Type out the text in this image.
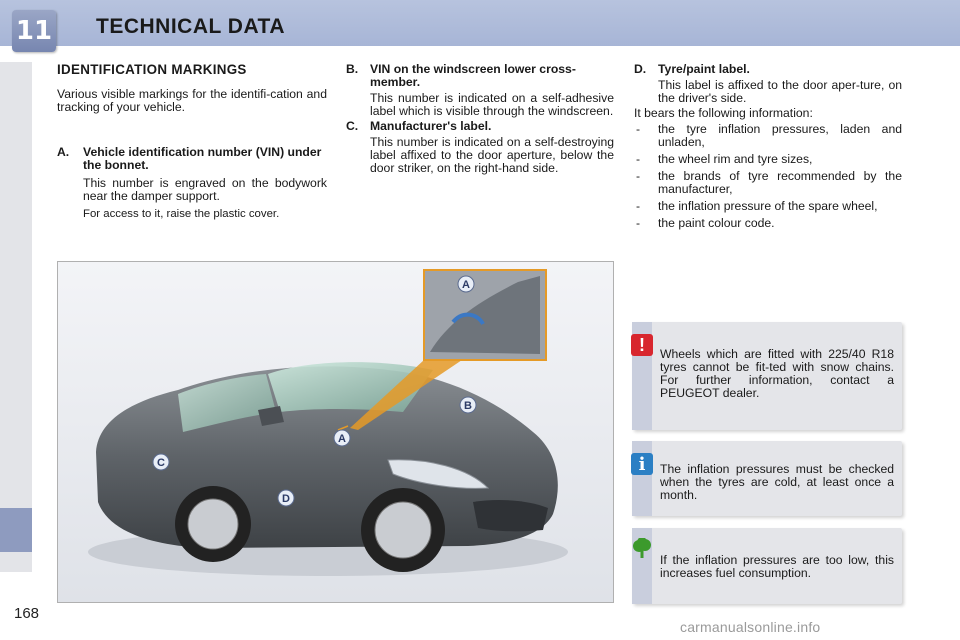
11 TECHNICAL DATA
IDENTIFICATION MARKINGS
Various visible markings for the identifi-cation and tracking of your vehicle.
A. Vehicle identification number (VIN) under the bonnet.
This number is engraved on the bodywork near the damper support.
For access to it, raise the plastic cover.
B. VIN on the windscreen lower cross-member.
This number is indicated on a self-adhesive label which is visible through the windscreen.
C. Manufacturer's label.
This number is indicated on a self-destroying label affixed to the door aperture, below the door striker, on the right-hand side.
D. Tyre/paint label.
This label is affixed to the door aper-ture, on the driver's side.
It bears the following information:
- the tyre inflation pressures, laden and unladen,
- the wheel rim and tyre sizes,
- the brands of tyre recommended by the manufacturer,
- the inflation pressure of the spare wheel,
- the paint colour code.
A
B
A
C
D
!	Wheels which are fitted with 225/40 R18 tyres cannot be fit-ted with snow chains. For further information, contact a PEUGEOT dealer.
i	The inflation pressures must be checked when the tyres are cold, at least once a month.
If the inflation pressures are too low, this increases fuel consumption.
168
carmanualsonline.info
